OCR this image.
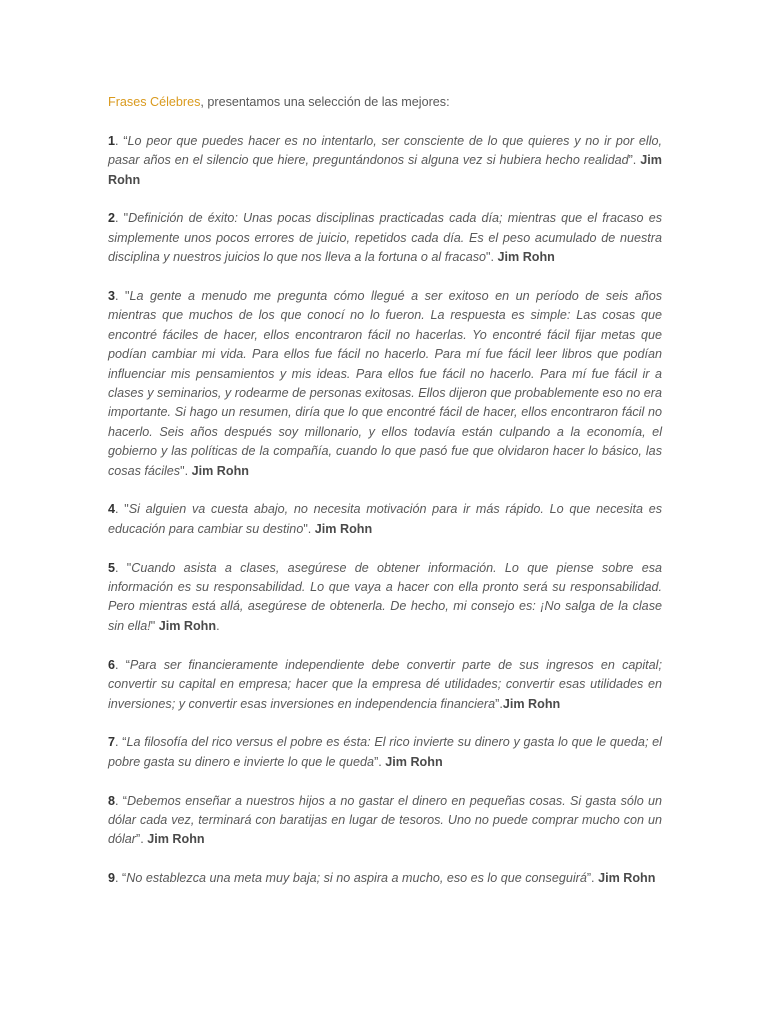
Frases Célebres, presentamos una selección de las mejores:

1. “Lo peor que puedes hacer es no intentarlo, ser consciente de lo que quieres y no ir por ello, pasar años en el silencio que hiere, preguntándonos si alguna vez si hubiera hecho realidad”. Jim Rohn

2. "Definición de éxito: Unas pocas disciplinas practicadas cada día; mientras que el fracaso es simplemente unos pocos errores de juicio, repetidos cada día. Es el peso acumulado de nuestra disciplina y nuestros juicios lo que nos lleva a la fortuna o al fracaso". Jim Rohn

3. "La gente a menudo me pregunta cómo llegué a ser exitoso en un período de seis años mientras que muchos de los que conocí no lo fueron. La respuesta es simple: Las cosas que encontré fáciles de hacer, ellos encontraron fácil no hacerlas. Yo encontré fácil fijar metas que podían cambiar mi vida. Para ellos fue fácil no hacerlo. Para mí fue fácil leer libros que podían influenciar mis pensamientos y mis ideas. Para ellos fue fácil no hacerlo. Para mí fue fácil ir a clases y seminarios, y rodearme de personas exitosas. Ellos dijeron que probablemente eso no era importante. Si hago un resumen, diría que lo que encontré fácil de hacer, ellos encontraron fácil no hacerlo. Seis años después soy millonario, y ellos todavía están culpando a la economía, el gobierno y las políticas de la compañía, cuando lo que pasó fue que olvidaron hacer lo básico, las cosas fáciles". Jim Rohn

4. "Si alguien va cuesta abajo, no necesita motivación para ir más rápido. Lo que necesita es educación para cambiar su destino". Jim Rohn

5. "Cuando asista a clases, asegúrese de obtener información. Lo que piense sobre esa información es su responsabilidad. Lo que vaya a hacer con ella pronto será su responsabilidad. Pero mientras está allá, asegúrese de obtenerla. De hecho, mi consejo es: ¡No salga de la clase sin ella!" Jim Rohn.

6. “Para ser financieramente independiente debe convertir parte de sus ingresos en capital; convertir su capital en empresa; hacer que la empresa dé utilidades; convertir esas utilidades en inversiones; y convertir esas inversiones en independencia financiera”.Jim Rohn

7. “La filosofía del rico versus el pobre es ésta: El rico invierte su dinero y gasta lo que le queda; el pobre gasta su dinero e invierte lo que le queda”. Jim Rohn

8. “Debemos enseñar a nuestros hijos a no gastar el dinero en pequeñas cosas. Si gasta sólo un dólar cada vez, terminará con baratijas en lugar de tesoros. Uno no puede comprar mucho con un dólar”. Jim Rohn

9. “No establezca una meta muy baja; si no aspira a mucho, eso es lo que conseguirá”. Jim Rohn
